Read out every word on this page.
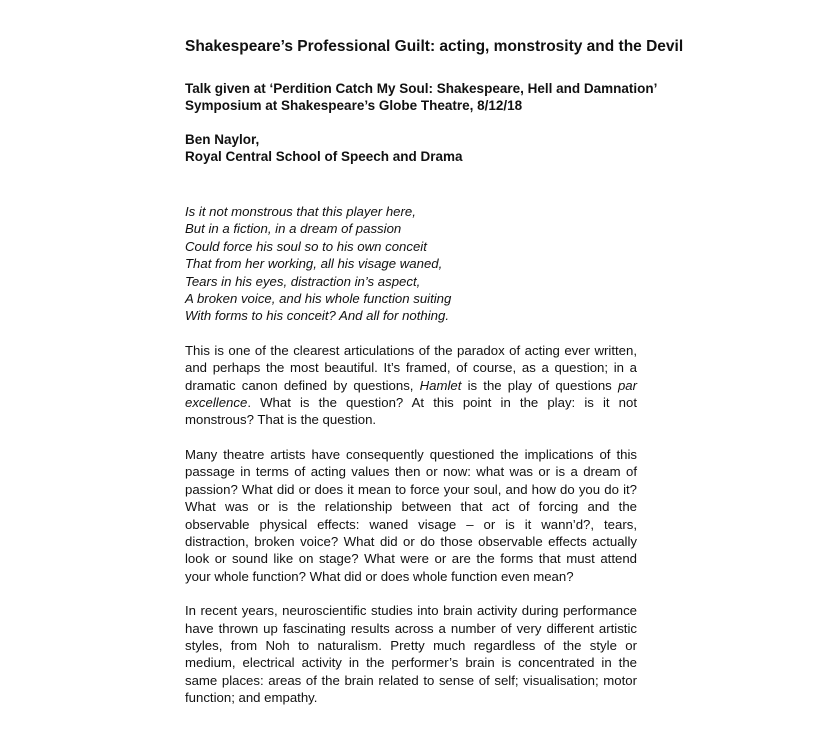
Shakespeare’s Professional Guilt: acting, monstrosity and the Devil
Talk given at ‘Perdition Catch My Soul: Shakespeare, Hell and Damnation’
Symposium at Shakespeare’s Globe Theatre, 8/12/18
Ben Naylor,
Royal Central School of Speech and Drama
Is it not monstrous that this player here,
But in a fiction, in a dream of passion
Could force his soul so to his own conceit
That from her working, all his visage waned,
Tears in his eyes, distraction in’s aspect,
A broken voice, and his whole function suiting
With forms to his conceit? And all for nothing.

This is one of the clearest articulations of the paradox of acting ever written, and perhaps the most beautiful. It’s framed, of course, as a question; in a dramatic canon defined by questions, Hamlet is the play of questions par excellence. What is the question? At this point in the play: is it not monstrous? That is the question.

Many theatre artists have consequently questioned the implications of this passage in terms of acting values then or now: what was or is a dream of passion? What did or does it mean to force your soul, and how do you do it? What was or is the relationship between that act of forcing and the observable physical effects: waned visage – or is it wann’d?, tears, distraction, broken voice? What did or do those observable effects actually look or sound like on stage? What were or are the forms that must attend your whole function? What did or does whole function even mean?

In recent years, neuroscientific studies into brain activity during performance have thrown up fascinating results across a number of very different artistic styles, from Noh to naturalism. Pretty much regardless of the style or medium, electrical activity in the performer’s brain is concentrated in the same places: areas of the brain related to sense of self; visualisation; motor function; and empathy.
